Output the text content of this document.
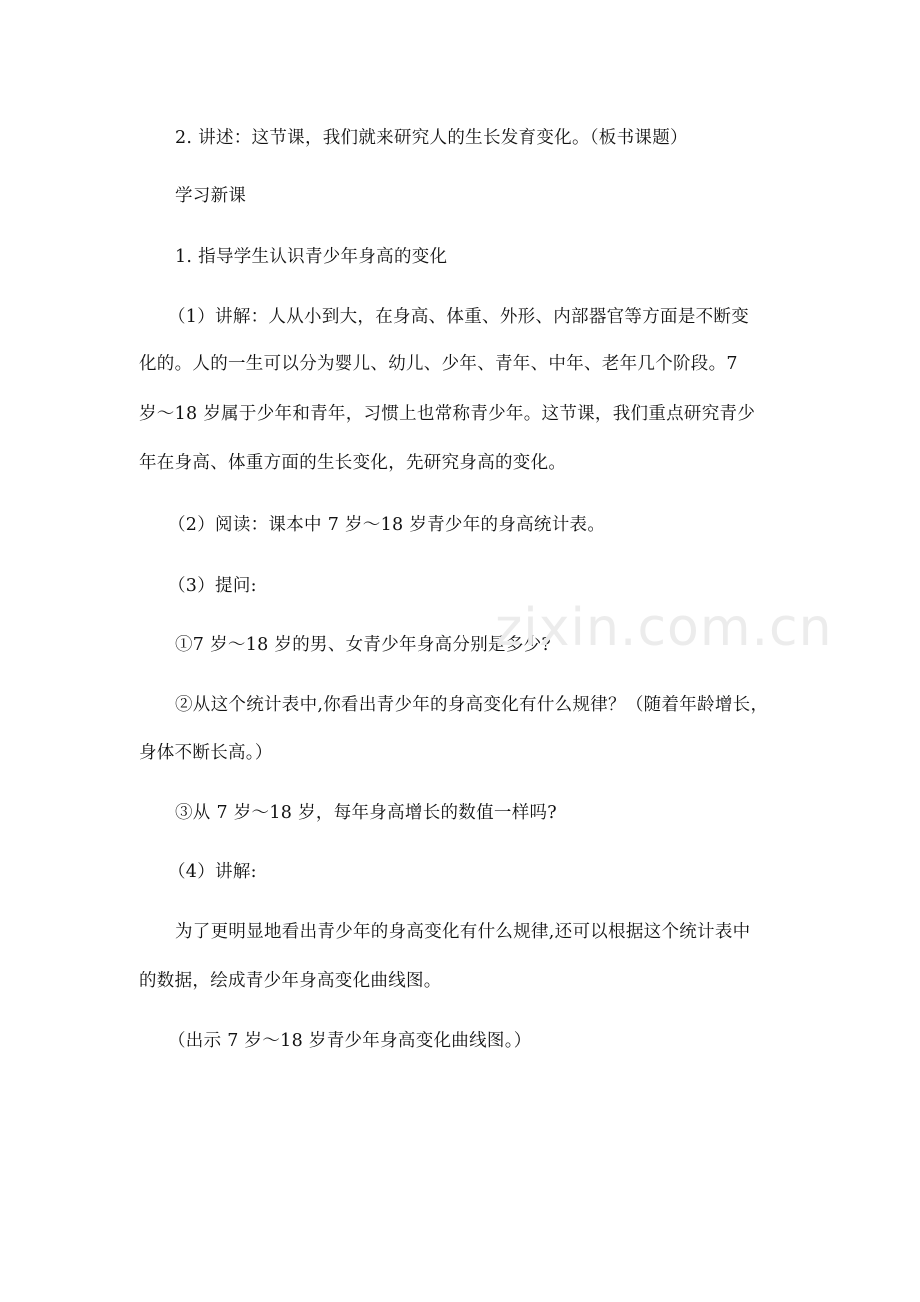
2. 讲述：这节课，我们就来研究人的生长发育变化。（板书课题）
学习新课
1. 指导学生认识青少年身高的变化
（1）讲解：人从小到大，在身高、体重、外形、内部器官等方面是不断变
化的。人的一生可以分为婴儿、幼儿、少年、青年、中年、老年几个阶段。7
岁～18 岁属于少年和青年，习惯上也常称青少年。这节课，我们重点研究青少
年在身高、体重方面的生长变化，先研究身高的变化。
（2）阅读：课本中 7 岁～18 岁青少年的身高统计表。
（3）提问:
①7 岁～18 岁的男、女青少年身高分别是多少?
②从这个统计表中,你看出青少年的身高变化有什么规律？（随着年龄增长，
身体不断长高。）
③从 7 岁～18 岁，每年身高增长的数值一样吗?
（4）讲解:
为了更明显地看出青少年的身高变化有什么规律,还可以根据这个统计表中
的数据，绘成青少年身高变化曲线图。
（出示 7 岁～18 岁青少年身高变化曲线图。）
zixin.com.cn
